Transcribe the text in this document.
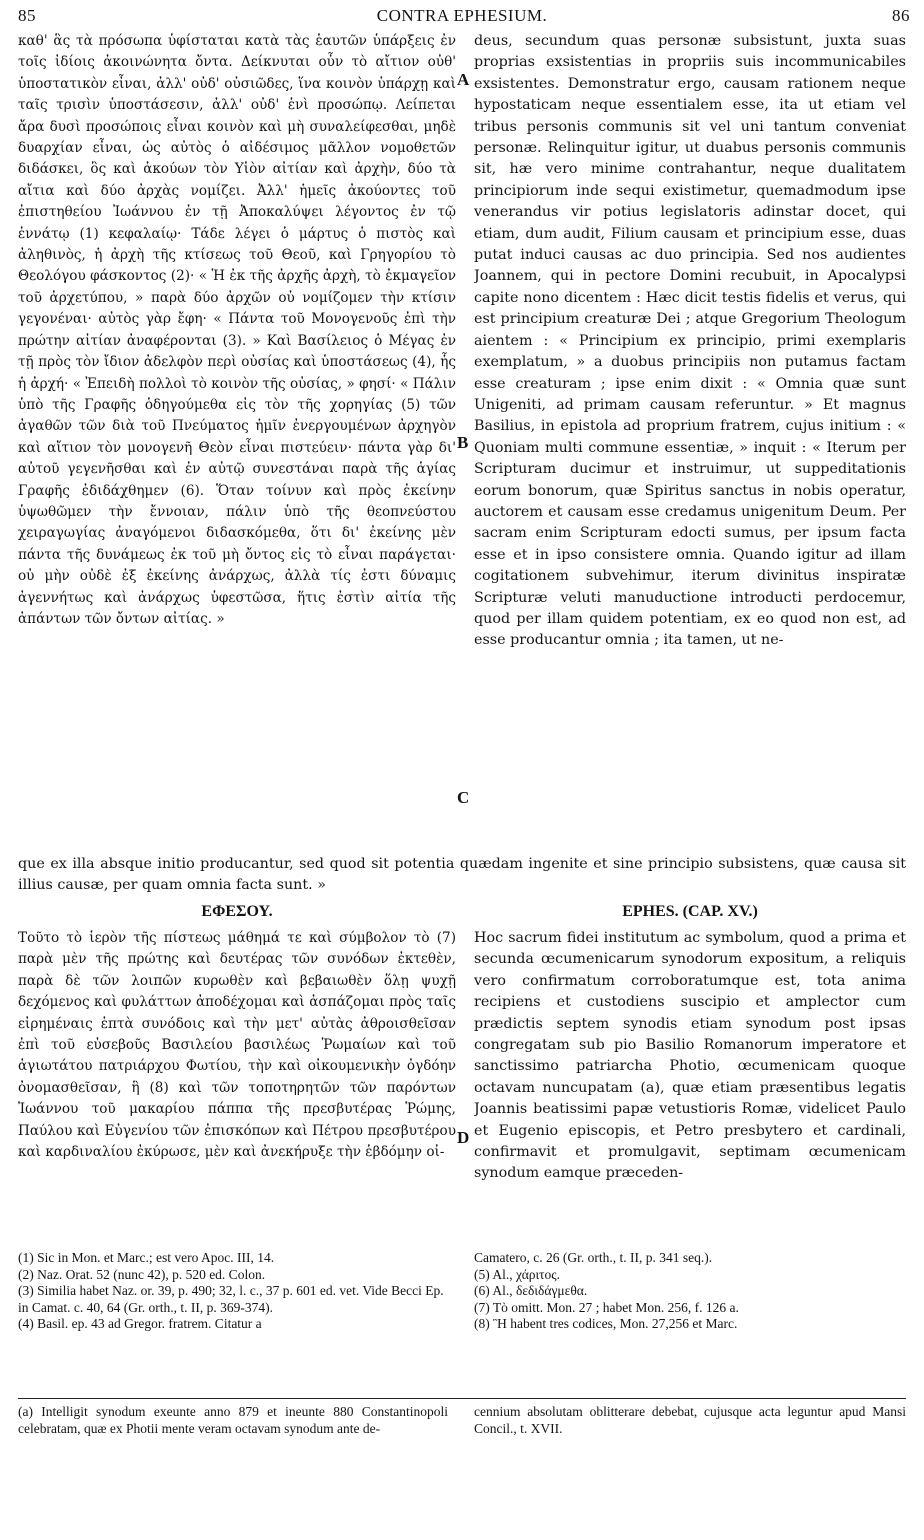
85	CONTRA EPHESIUM.	86
καθ' ἃς τὰ πρόσωπα ὑφίσταται κατὰ τὰς ἑαυτῶν ὑπάρξεις ἐν τοῖς ἰδίοις ἀκοινώνητα ὄντα. Δείκνυται οὖν τὸ αἴτιον οὐθ' ὑποστατικὸν εἶναι, ἀλλ' οὐδ' οὐσιῶδες, ἵνα κοινὸν ὑπάρχῃ καὶ ταῖς τρισὶν ὑποστάσεσιν, ἀλλ' οὐδ' ἑνὶ προσώπῳ. Λείπεται ἄρα δυσὶ προσώποις εἶναι κοινὸν καὶ μὴ συναλείφεσθαι, μηδὲ δυαρχίαν εἶναι, ὡς αὐτὸς ὁ αἰδέσιμος μᾶλλον νομοθετῶν διδάσκει, ὃς καὶ ἀκούων τὸν Υἱὸν αἰτίαν καὶ ἀρχὴν, δύο τὰ αἴτια καὶ δύο ἀρχὰς νομίζει. Ἀλλ' ἡμεῖς ἀκούοντες τοῦ ἐπιστηθείου Ἰωάννου ἐν τῇ Ἀποκαλύψει λέγοντος ἐν τῷ ἐννάτῳ (1) κεφαλαίῳ· Τάδε λέγει ὁ μάρτυς ὁ πιστὸς καὶ ἀληθινὸς, ἡ ἀρχὴ τῆς κτίσεως τοῦ Θεοῦ, καὶ Γρηγορίου τὸ Θεολόγου φάσκοντος (2)· « Ἡ ἐκ τῆς ἀρχῆς ἀρχὴ, τὸ ἐκμαγεῖον τοῦ ἀρχετύπου, » παρὰ δύο ἀρχῶν οὐ νομίζομεν τὴν κτίσιν γεγονέναι· αὐτὸς γὰρ ἔφη· « Πάντα τοῦ Μονογενοῦς ἐπὶ τὴν πρώτην αἰτίαν ἀναφέρονται (3). » Καὶ Βασίλειος ὁ Μέγας ἐν τῇ πρὸς τὸν ἴδιον ἀδελφὸν περὶ οὐσίας καὶ ὑποστάσεως (4), ἧς ἡ ἀρχή· « Ἐπειδὴ πολλοὶ τὸ κοινὸν τῆς οὐσίας, » φησί· « Πάλιν ὑπὸ τῆς Γραφῆς ὁδηγούμεθα εἰς τὸν τῆς χορηγίας (5) τῶν ἀγαθῶν τῶν διὰ τοῦ Πνεύματος ἡμῖν ἐνεργουμένων ἀρχηγὸν καὶ αἴτιον τὸν μονογενῆ Θεὸν εἶναι πιστεύειν· πάντα γὰρ δι' αὐτοῦ γεγενῆσθαι καὶ ἐν αὐτῷ συνεστάναι παρὰ τῆς ἁγίας Γραφῆς ἐδιδάχθημεν (6). Ὅταν τοίνυν καὶ πρὸς ἐκείνην ὑψωθῶμεν τὴν ἔννοιαν, πάλιν ὑπὸ τῆς θεοπνεύστου χειραγωγίας ἀναγόμενοι διδασκόμεθα, ὅτι δι' ἐκείνης μὲν πάντα τῆς δυνάμεως ἐκ τοῦ μὴ ὄντος εἰς τὸ εἶναι παράγεται· οὐ μὴν οὐδὲ ἐξ ἐκείνης ἀνάρχως, ἀλλὰ τίς ἐστι δύναμις ἀγεννήτως καὶ ἀνάρχως ὑφεστῶσα, ἥτις ἐστὶν αἰτία τῆς ἁπάντων τῶν ὄντων αἰτίας. »
deus, secundum quas personæ subsistunt, juxta suas proprias exsistentias in propriis suis incommunicabiles exsistentes. Demonstratur ergo, causam rationem neque hypostaticam neque essentialem esse, ita ut etiam vel tribus personis communis sit vel uni tantum conveniat personæ. Relinquitur igitur, ut duabus personis communis sit, hæ vero minime contrahantur, neque dualitatem principiorum inde sequi existimetur, quemadmodum ipse venerandus vir potius legislatoris adinstar docet, qui etiam, dum audit, Filium causam et principium esse, duas putat induci causas ac duo principia. Sed nos audientes Joannem, qui in pectore Domini recubuit, in Apocalypsi capite nono dicentem : Hæc dicit testis fidelis et verus, qui est principium creaturæ Dei ; atque Gregorium Theologum aientem : « Principium ex principio, primi exemplaris exemplatum, » a duobus principiis non putamus factam esse creaturam ; ipse enim dixit : « Omnia quæ sunt Unigeniti, ad primam causam referuntur. » Et magnus Basilius, in epistola ad proprium fratrem, cujus initium : « Quoniam multi commune essentiæ, » inquit : « Iterum per Scripturam ducimur et instruimur, ut suppeditationis eorum bonorum, quæ Spiritus sanctus in nobis operatur, auctorem et causam esse credamus unigenitum Deum. Per sacram enim Scripturam edocti sumus, per ipsum facta esse et in ipso consistere omnia. Quando igitur ad illam cogitationem subvehimur, iterum divinitus inspiratæ Scripturæ veluti manuductione introducti perdocemur, quod per illam quidem potentiam, ex eo quod non est, ad esse producantur omnia ; ita tamen, ut ne-
A
B
C
D
que ex illa absque initio producantur, sed quod sit potentia quædam ingenite et sine principio subsistens, quæ causa sit illius causæ, per quam omnia facta sunt. »
ΕΦΕΣΟΥ.	EPHES. (CAP. XV.)
Τοῦτο τὸ ἱερὸν τῆς πίστεως μάθημά τε καὶ σύμβολον τὸ (7) παρὰ μὲν τῆς πρώτης καὶ δευτέρας τῶν συνόδων ἐκτεθὲν, παρὰ δὲ τῶν λοιπῶν κυρωθὲν καὶ βεβαιωθὲν ὅλῃ ψυχῇ δεχόμενος καὶ φυλάττων ἀποδέχομαι καὶ ἀσπάζομαι πρὸς ταῖς εἰρημέναις ἑπτὰ συνόδοις καὶ τὴν μετ' αὐτὰς ἀθροισθεῖσαν ἐπὶ τοῦ εὐσεβοῦς Βασιλείου βασιλέως Ῥωμαίων καὶ τοῦ ἁγιωτάτου πατριάρχου Φωτίου, τὴν καὶ οἰκουμενικὴν ὀγδόην ὀνομασθεῖσαν, ἣ (8) καὶ τῶν τοποτηρητῶν τῶν παρόντων Ἰωάννου τοῦ μακαρίου πάππα τῆς πρεσβυτέρας Ῥώμης, Παύλου καὶ Εὐγενίου τῶν ἐπισκόπων καὶ Πέτρου πρεσβυτέρου καὶ καρδιναλίου ἐκύρωσε, μὲν καὶ ἀνεκήρυξε τὴν ἑβδόμην οἰ-
Hoc sacrum fidei institutum ac symbolum, quod a prima et secunda œcumenicarum synodorum expositum, a reliquis vero confirmatum corroboratumque est, tota anima recipiens et custodiens suscipio et amplector cum prædictis septem synodis etiam synodum post ipsas congregatam sub pio Basilio Romanorum imperatore et sanctissimo patriarcha Photio, œcumenicam quoque octavam nuncupatam (a), quæ etiam præsentibus legatis Joannis beatissimi papæ vetustioris Romæ, videlicet Paulo et Eugenio episcopis, et Petro presbytero et cardinali, confirmavit et promulgavit, septimam œcumenicam synodum eamque præceden-

(1) Sic in Mon. et Marc.; est vero Apoc. III, 14.

(2) Naz. Orat. 52 (nunc 42), p. 520 ed. Colon.

(3) Similia habet Naz. or. 39, p. 490; 32, l. c., 37 p. 601 ed. vet. Vide Becci Ep. in Camat. c. 40, 64 (Gr. orth., t. II, p. 369-374).

(4) Basil. ep. 43 ad Gregor. fratrem. Citatur a

Camatero, c. 26 (Gr. orth., t. II, p. 341 seq.).

(5) Al., χάριτος.

(6) Al., δεδιδάγμεθα.

(7) Τὸ omitt. Mon. 27 ; habet Mon. 256, f. 126 a.

(8) Ἣ habent tres codices, Mon. 27,256 et Marc.

(a) Intelligit synodum exeunte anno 879 et ineunte 880 Constantinopoli celebratam, quæ ex Photii mente veram octavam synodum ante de-
cennium absolutam oblitterare debebat, cujusque acta leguntur apud Mansi Concil., t. XVII.
